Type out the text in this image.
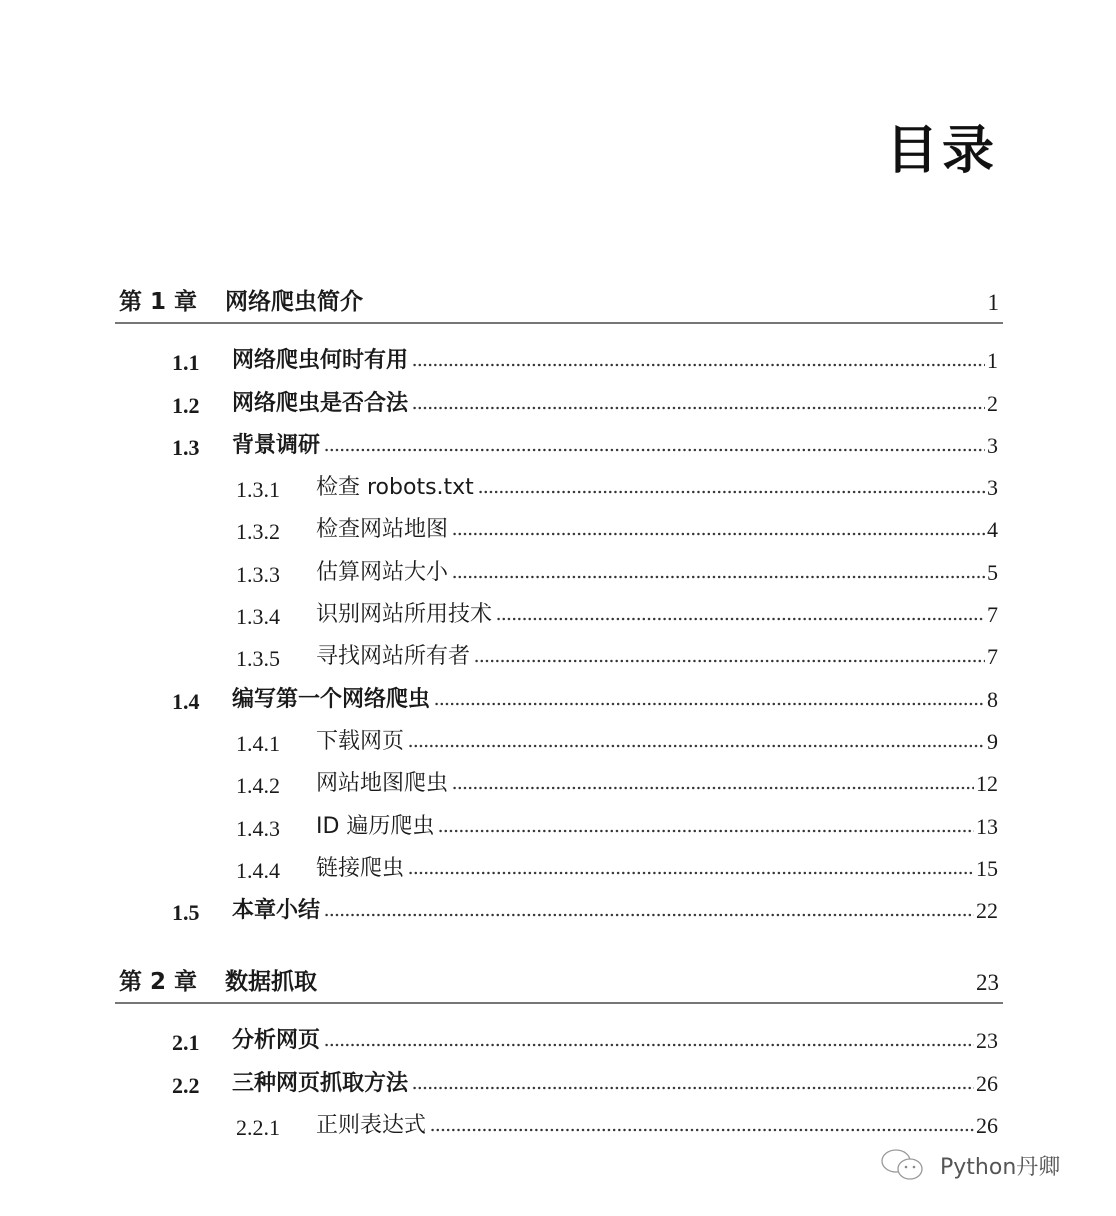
目录
第 1 章	网络爬虫简介	1
1.1	网络爬虫何时有用	1
1.2	网络爬虫是否合法	2
1.3	背景调研	3
1.3.1	检查 robots.txt	3
1.3.2	检查网站地图	4
1.3.3	估算网站大小	5
1.3.4	识别网站所用技术	7
1.3.5	寻找网站所有者	7
1.4	编写第一个网络爬虫	8
1.4.1	下载网页	9
1.4.2	网站地图爬虫	12
1.4.3	ID 遍历爬虫	13
1.4.4	链接爬虫	15
1.5	本章小结	22
第 2 章	数据抓取	23
2.1	分析网页	23
2.2	三种网页抓取方法	26
2.2.1	正则表达式	26
Python丹卿
